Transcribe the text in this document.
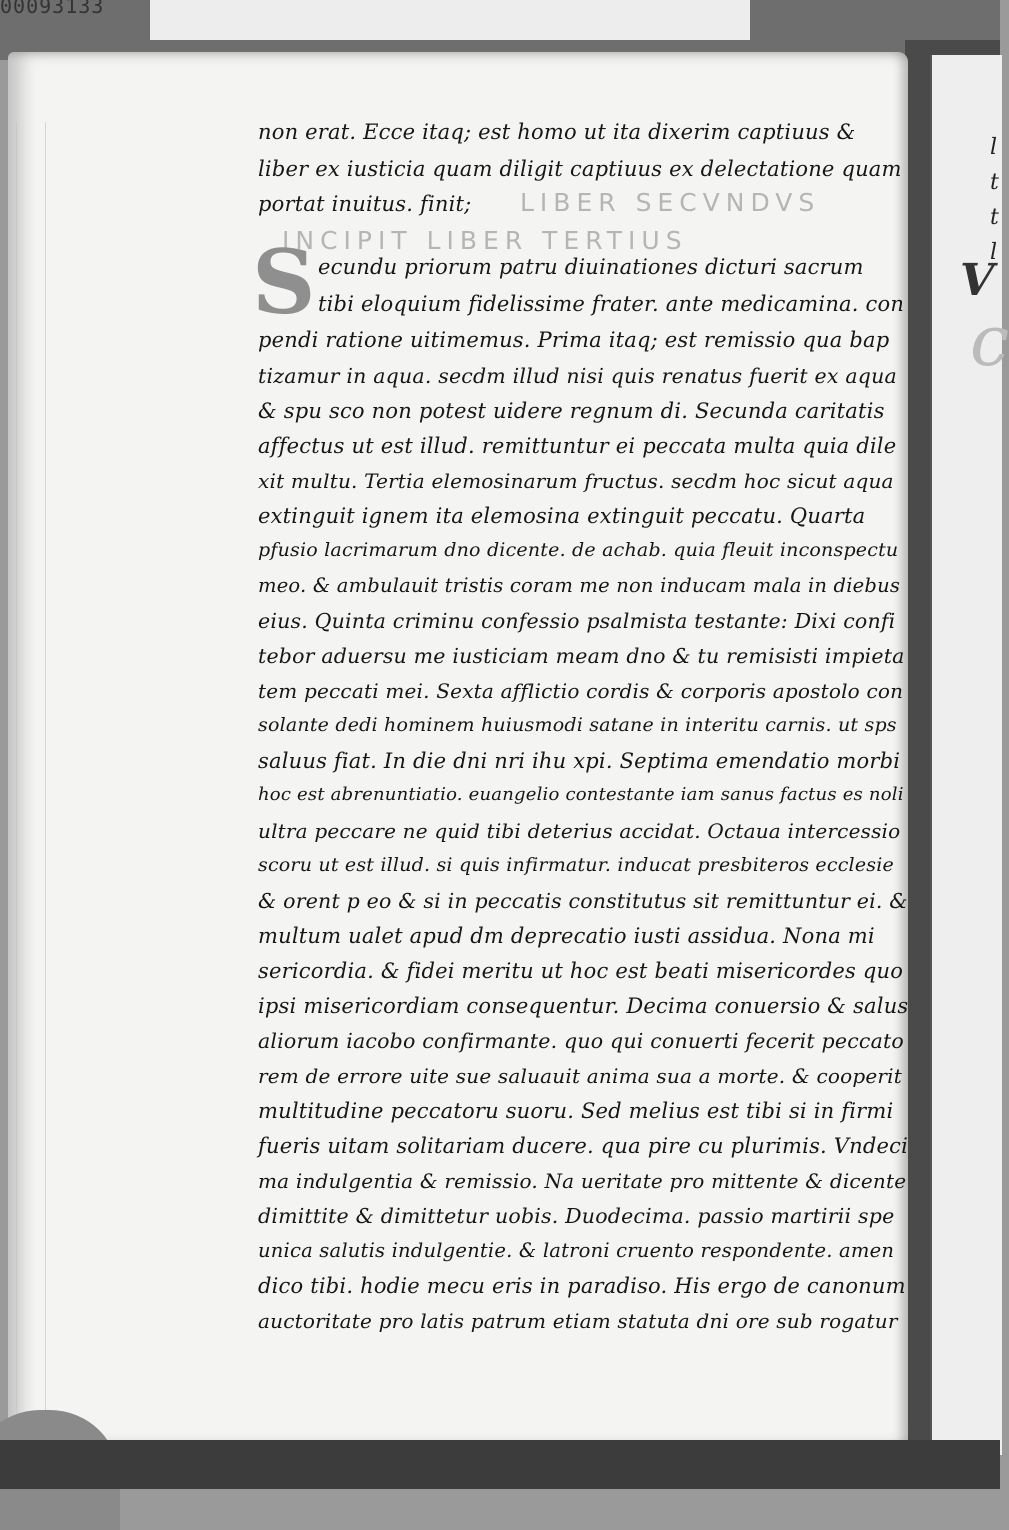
00093133
l
t
t
l
V
c
LIBER SECVNDVS
INCIPIT LIBER TERTIUS
S
non erat. Ecce itaq; est homo ut ita dixerim captiuus &
liber ex iusticia quam diligit captiuus ex delectatione quam
portat inuitus. finit;
ecundu priorum patru diuinationes dicturi sacrum
tibi eloquium fidelissime frater. ante medicamina. con
pendi ratione uitimemus. Prima itaq; est remissio qua bap
tizamur in aqua. secdm illud nisi quis renatus fuerit ex aqua
& spu sco non potest uidere regnum di. Secunda caritatis
affectus ut est illud. remittuntur ei peccata multa quia dile
xit multu. Tertia elemosinarum fructus. secdm hoc sicut aqua
extinguit ignem ita elemosina extinguit peccatu. Quarta
pfusio lacrimarum dno dicente. de achab. quia fleuit inconspectu
meo. & ambulauit tristis coram me non inducam mala in diebus
eius. Quinta criminu confessio psalmista testante: Dixi confi
tebor aduersu me iusticiam meam dno & tu remisisti impieta
tem peccati mei. Sexta afflictio cordis & corporis apostolo con
solante dedi hominem huiusmodi satane in interitu carnis. ut sps
saluus fiat. In die dni nri ihu xpi. Septima emendatio morbi
hoc est abrenuntiatio. euangelio contestante iam sanus factus es noli
ultra peccare ne quid tibi deterius accidat. Octaua intercessio
scoru ut est illud. si quis infirmatur. inducat presbiteros ecclesie
& orent p eo & si in peccatis constitutus sit remittuntur ei. &
multum ualet apud dm deprecatio iusti assidua. Nona mi
sericordia. & fidei meritu ut hoc est beati misericordes quo
ipsi misericordiam consequentur. Decima conuersio & salus
aliorum iacobo confirmante. quo qui conuerti fecerit peccato
rem de errore uite sue saluauit anima sua a morte. & cooperit
multitudine peccatoru suoru. Sed melius est tibi si in firmi
fueris uitam solitariam ducere. qua pire cu plurimis. Vndeci
ma indulgentia & remissio. Na ueritate pro mittente & dicente
dimittite & dimittetur uobis. Duodecima. passio martirii spe
unica salutis indulgentie. & latroni cruento respondente. amen
dico tibi. hodie mecu eris in paradiso. His ergo de canonum
auctoritate pro latis patrum etiam statuta dni ore sub rogatur
